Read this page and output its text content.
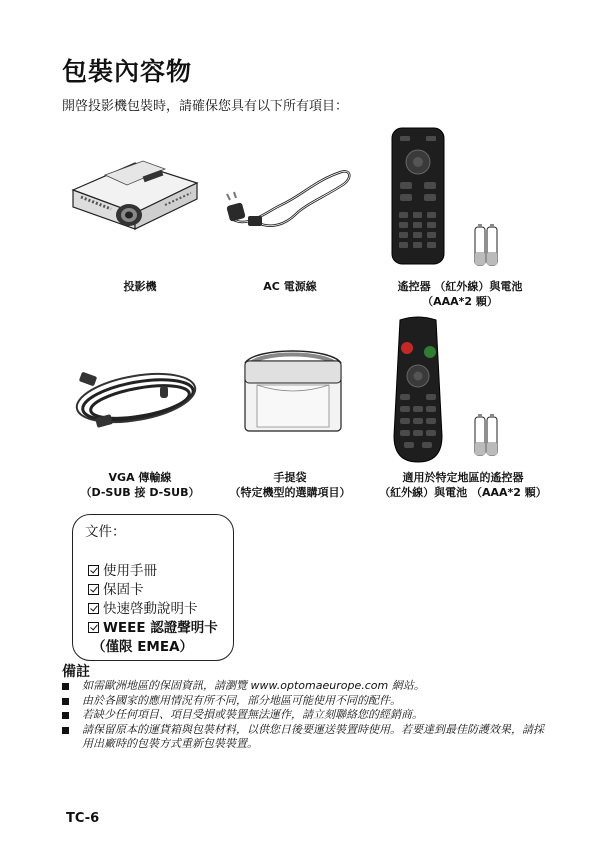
包裝內容物
開啓投影機包裝時，請確保您具有以下所有項目：
投影機	AC 電源線	遙控器 （紅外線）與電池
（AAA*2 顆）
VGA 傳輸線
（D-SUB 接 D-SUB）
手提袋
（特定機型的選購項目）
適用於特定地區的遙控器
（紅外線）與電池 （AAA*2 顆）
文件：
使用手冊
保固卡
快速啓動說明卡
WEEE 認證聲明卡
（僅限 EMEA）
備註
如需歐洲地區的保固資訊，請瀏覽 www.optomaeurope.com 網站。
由於各國家的應用情況有所不同，部分地區可能使用不同的配件。
若缺少任何項目、項目受損或裝置無法運作，請立刻聯絡您的經銷商。
請保留原本的運貨箱與包裝材料，以供您日後要運送裝置時使用。若要達到最佳防護效果，請採用出廠時的包裝方式重新包裝裝置。
TC-6
